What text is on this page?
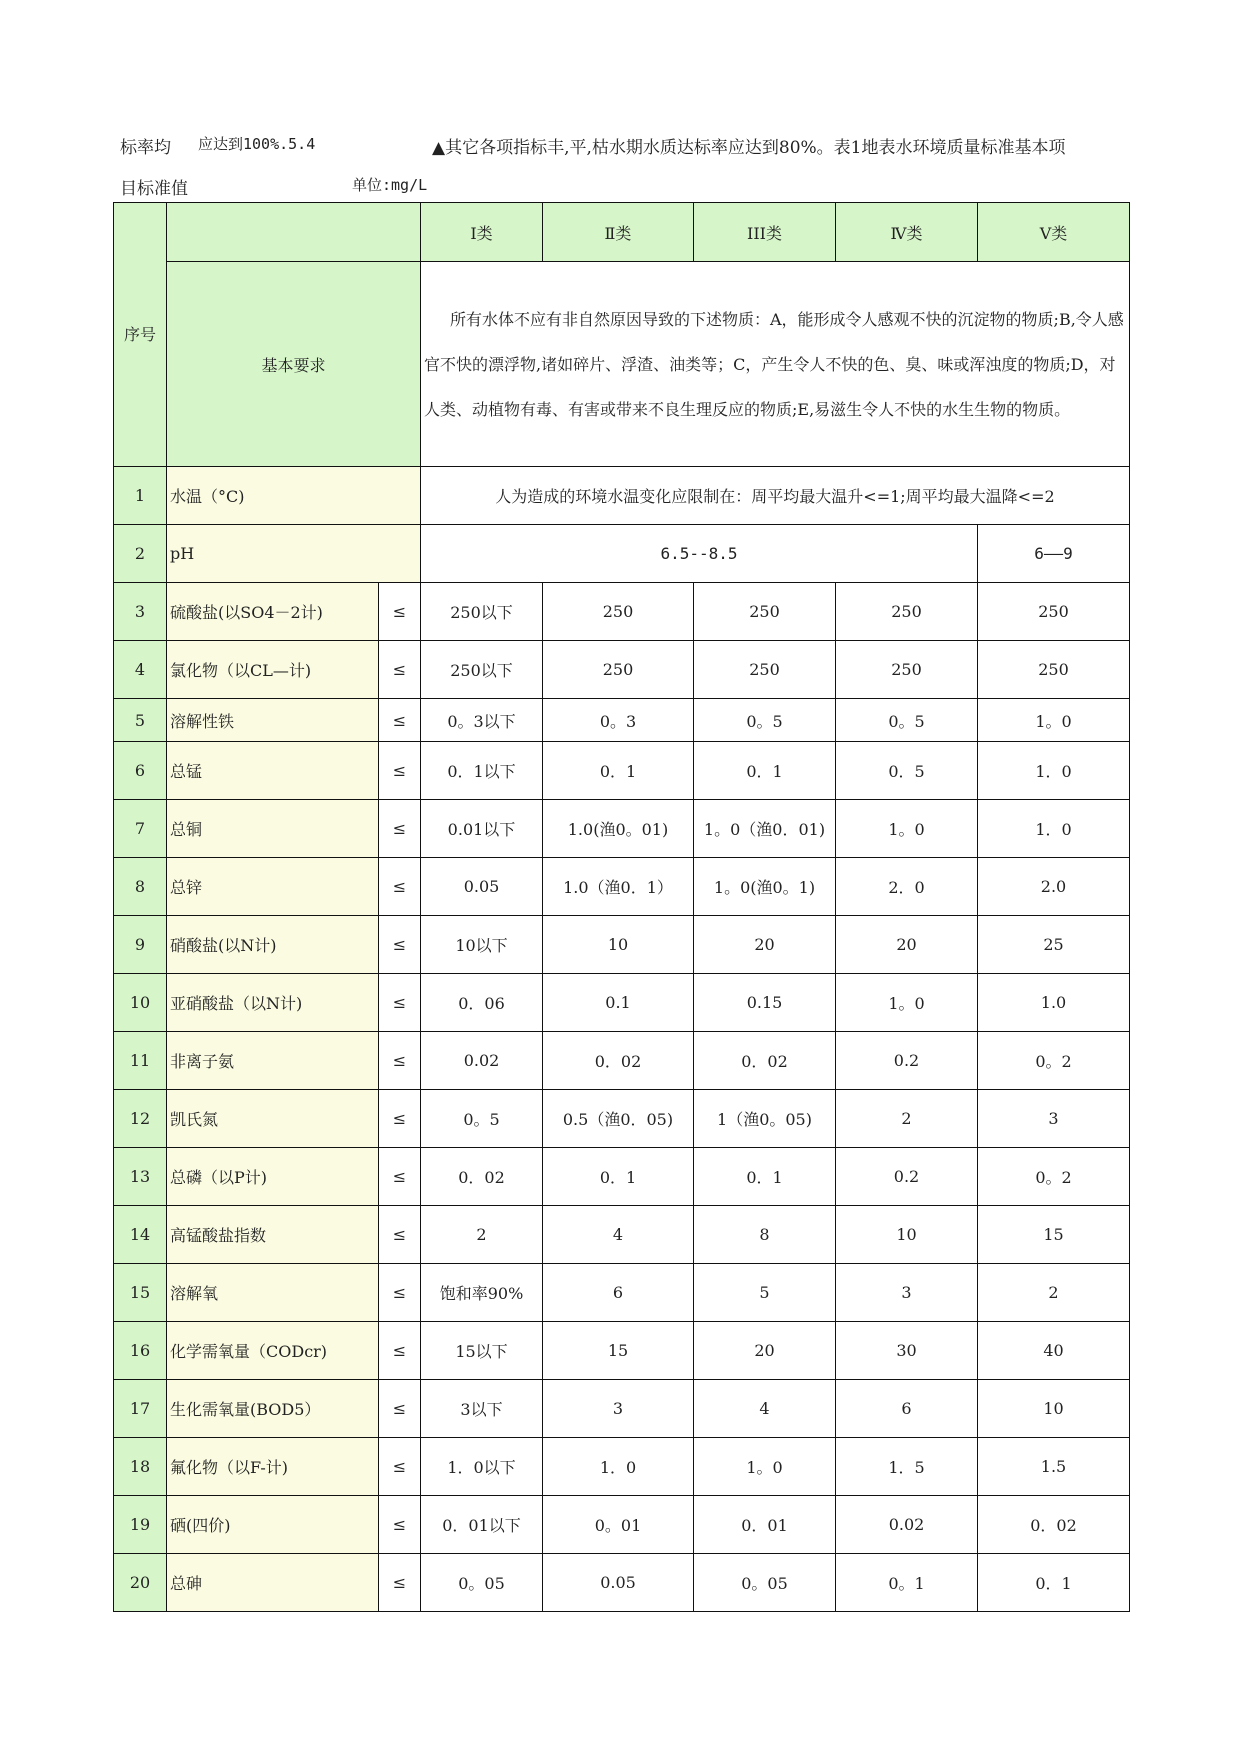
标率均 应达到100%.5.4	▲其它各项指标丰,平,枯水期水质达标率应达到80%。表1地表水环境质量标准基本项
目标准值	单位:mg/L
序号			Ⅰ类	Ⅱ类	ⅠⅠⅠ类	Ⅳ类	Ⅴ类
	基本要求		所有水体不应有非自然原因导致的下述物质：A，能形成令人感观不快的沉淀物的物质;B,令人感官不快的漂浮物,诸如碎片、浮渣、油类等；C，产生令人不快的色、臭、味或浑浊度的物质;D，对人类、动植物有毒、有害或带来不良生理反应的物质;E,易滋生令人不快的水生生物的物质。				
1	水温（°C)		人为造成的环境水温变化应限制在：周平均最大温升<=1;周平均最大温降<=2				
2	pH		6.5--8.5				6——9
3	硫酸盐(以SO4－2计)	≤	250以下	250	250	250	250
4	氯化物（以CL—计)	≤	250以下	250	250	250	250
5	溶解性铁	≤	0。3以下	0。3	0。5	0。5	1。0
6	总锰	≤	0．1以下	0．1	0．1	0．5	1．0
7	总铜	≤	0.01以下	1.0(渔0。01)	1。0（渔0．01)	1。0	1．0
8	总锌	≤	0.05	1.0（渔0．1）	1。0(渔0。1)	2．0	2.0
9	硝酸盐(以N计)	≤	10以下	10	20	20	25
10	亚硝酸盐（以N计)	≤	0．06	0.1	0.15	1。0	1.0
11	非离子氨	≤	0.02	0．02	0．02	0.2	0。2
12	凯氏氮	≤	0。5	0.5（渔0．05)	1（渔0。05)	2	3
13	总磷（以P计)	≤	0．02	0．1	0．1	0.2	0。2
14	高锰酸盐指数	≤	2	4	8	10	15
15	溶解氧	≤	饱和率90%	6	5	3	2
16	化学需氧量（CODcr)	≤	15以下	15	20	30	40
17	生化需氧量(BOD5）	≤	3以下	3	4	6	10
18	氟化物（以F-计)	≤	1．0以下	1．0	1。0	1．5	1.5
19	硒(四价)	≤	0．01以下	0。01	0．01	0.02	0．02
20	总砷	≤	0。05	0.05	0。05	0。1	0．1
